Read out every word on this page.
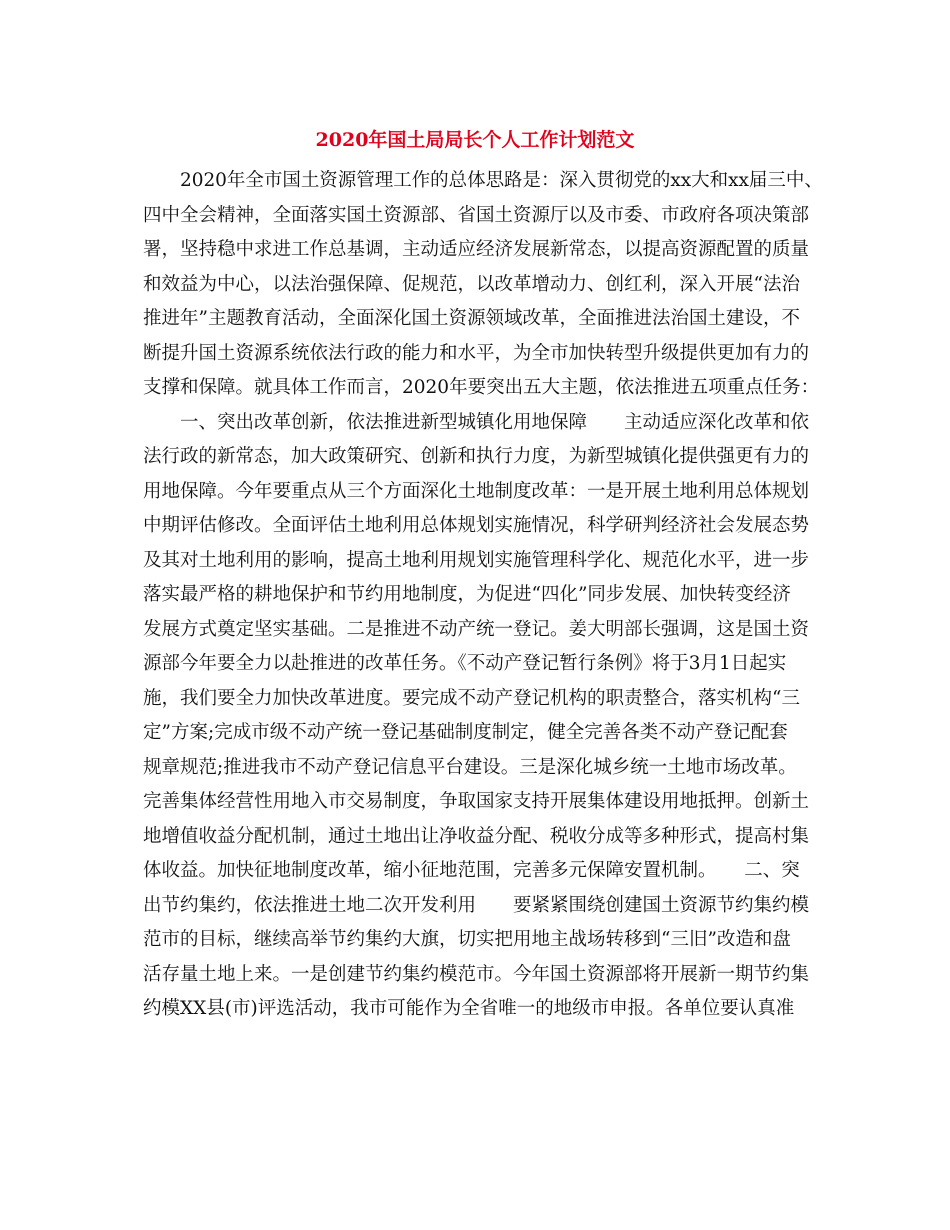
2020年国土局局长个人工作计划范文
　　2020年全市国土资源管理工作的总体思路是：深入贯彻党的xx大和xx届三中、
四中全会精神，全面落实国土资源部、省国土资源厅以及市委、市政府各项决策部
署，坚持稳中求进工作总基调，主动适应经济发展新常态，以提高资源配置的质量
和效益为中心，以法治强保障、促规范，以改革增动力、创红利，深入开展“法治
推进年”主题教育活动，全面深化国土资源领域改革，全面推进法治国土建设，不
断提升国土资源系统依法行政的能力和水平，为全市加快转型升级提供更加有力的
支撑和保障。就具体工作而言，2020年要突出五大主题，依法推进五项重点任务：
　　一、突出改革创新，依法推进新型城镇化用地保障　　主动适应深化改革和依
法行政的新常态，加大政策研究、创新和执行力度，为新型城镇化提供强更有力的
用地保障。今年要重点从三个方面深化土地制度改革：一是开展土地利用总体规划
中期评估修改。全面评估土地利用总体规划实施情况，科学研判经济社会发展态势
及其对土地利用的影响，提高土地利用规划实施管理科学化、规范化水平，进一步
落实最严格的耕地保护和节约用地制度，为促进“四化”同步发展、加快转变经济
发展方式奠定坚实基础。二是推进不动产统一登记。姜大明部长强调，这是国土资
源部今年要全力以赴推进的改革任务。《不动产登记暂行条例》将于3月1日起实
施，我们要全力加快改革进度。要完成不动产登记机构的职责整合，落实机构“三
定”方案;完成市级不动产统一登记基础制度制定，健全完善各类不动产登记配套
规章规范;推进我市不动产登记信息平台建设。三是深化城乡统一土地市场改革。
完善集体经营性用地入市交易制度，争取国家支持开展集体建设用地抵押。创新土
地增值收益分配机制，通过土地出让净收益分配、税收分成等多种形式，提高村集
体收益。加快征地制度改革，缩小征地范围，完善多元保障安置机制。　　二、突
出节约集约，依法推进土地二次开发利用　　要紧紧围绕创建国土资源节约集约模
范市的目标，继续高举节约集约大旗，切实把用地主战场转移到“三旧”改造和盘
活存量土地上来。一是创建节约集约模范市。今年国土资源部将开展新一期节约集
约模XX县(市)评选活动，我市可能作为全省唯一的地级市申报。各单位要认真准
